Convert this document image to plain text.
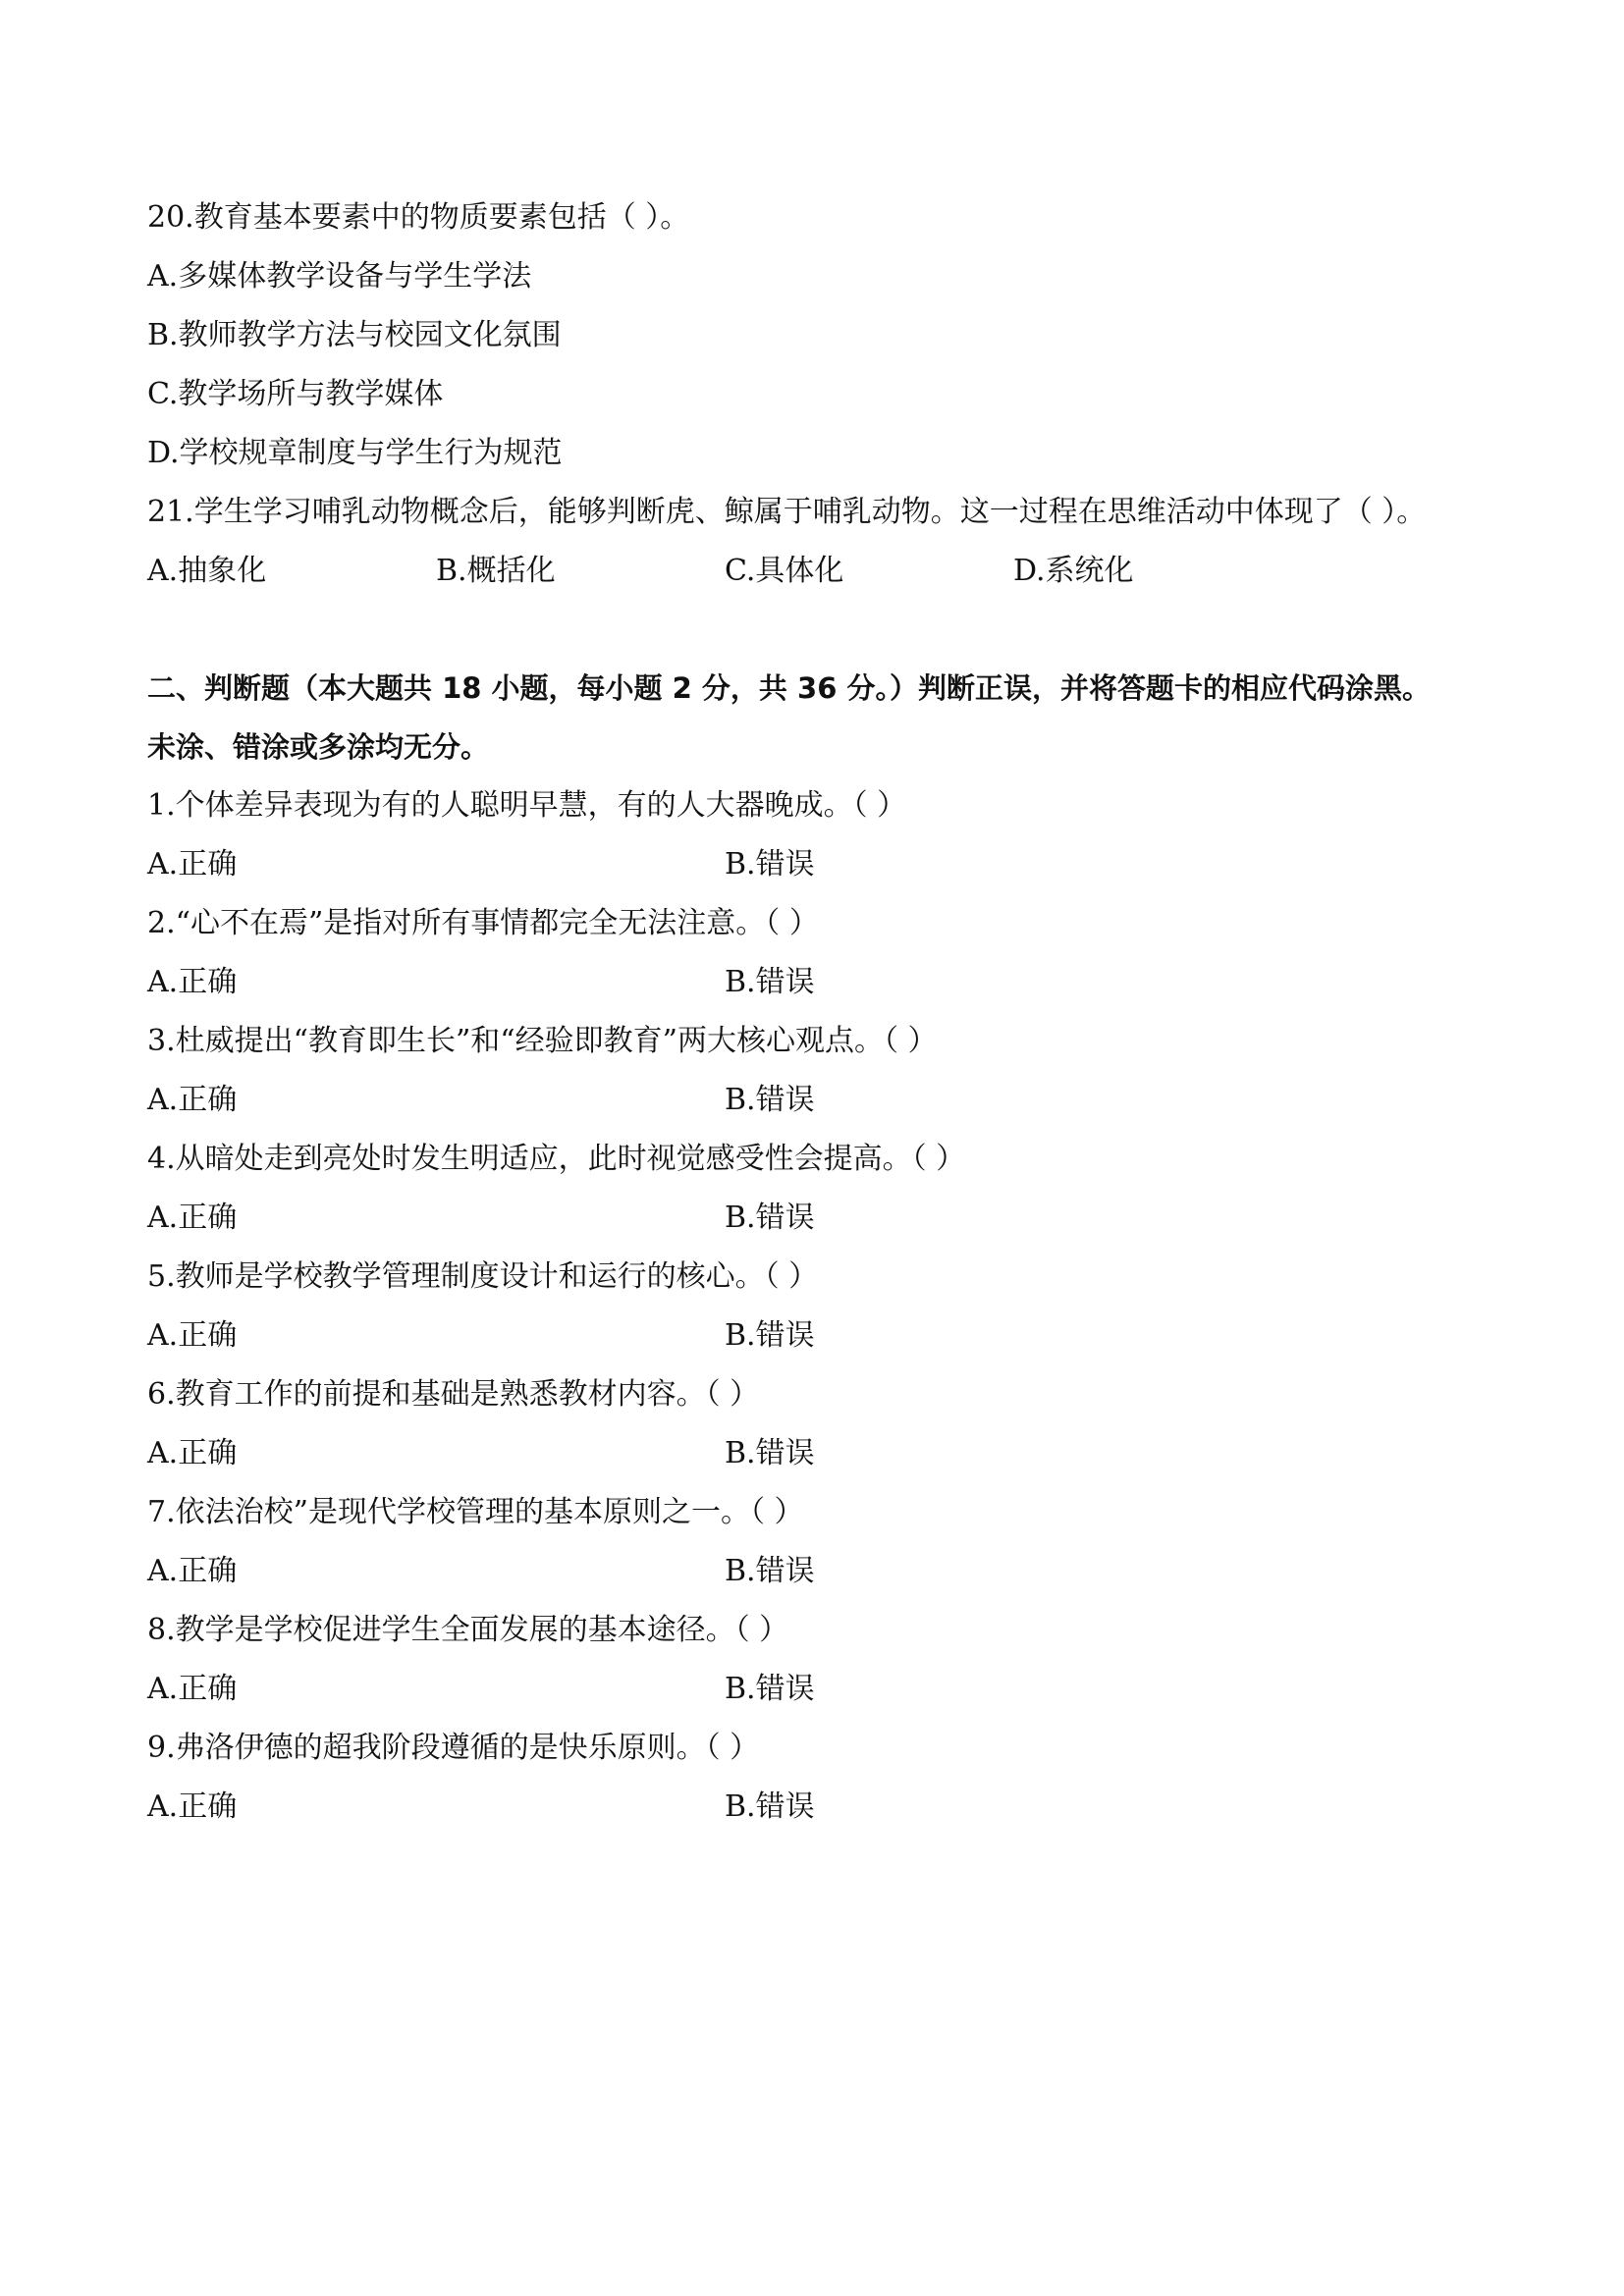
20.教育基本要素中的物质要素包括（ ）。
A.多媒体教学设备与学生学法
B.教师教学方法与校园文化氛围
C.教学场所与教学媒体
D.学校规章制度与学生行为规范
21.学生学习哺乳动物概念后，能够判断虎、鲸属于哺乳动物。这一过程在思维活动中体现了（ ）。
A.抽象化	B.概括化	C.具体化	D.系统化
二、判断题（本大题共 18 小题，每小题 2 分，共 36 分。）判断正误，并将答题卡的相应代码涂黑。
未涂、错涂或多涂均无分。
1.个体差异表现为有的人聪明早慧，有的人大器晚成。（ ）
A.正确	B.错误
2.“心不在焉”是指对所有事情都完全无法注意。（ ）
A.正确	B.错误
3.杜威提出“教育即生长”和“经验即教育”两大核心观点。（ ）
A.正确	B.错误
4.从暗处走到亮处时发生明适应，此时视觉感受性会提高。（ ）
A.正确	B.错误
5.教师是学校教学管理制度设计和运行的核心。（ ）
A.正确	B.错误
6.教育工作的前提和基础是熟悉教材内容。（ ）
A.正确	B.错误
7.依法治校”是现代学校管理的基本原则之一。（ ）
A.正确	B.错误
8.教学是学校促进学生全面发展的基本途径。（ ）
A.正确	B.错误
9.弗洛伊德的超我阶段遵循的是快乐原则。（ ）
A.正确	B.错误
